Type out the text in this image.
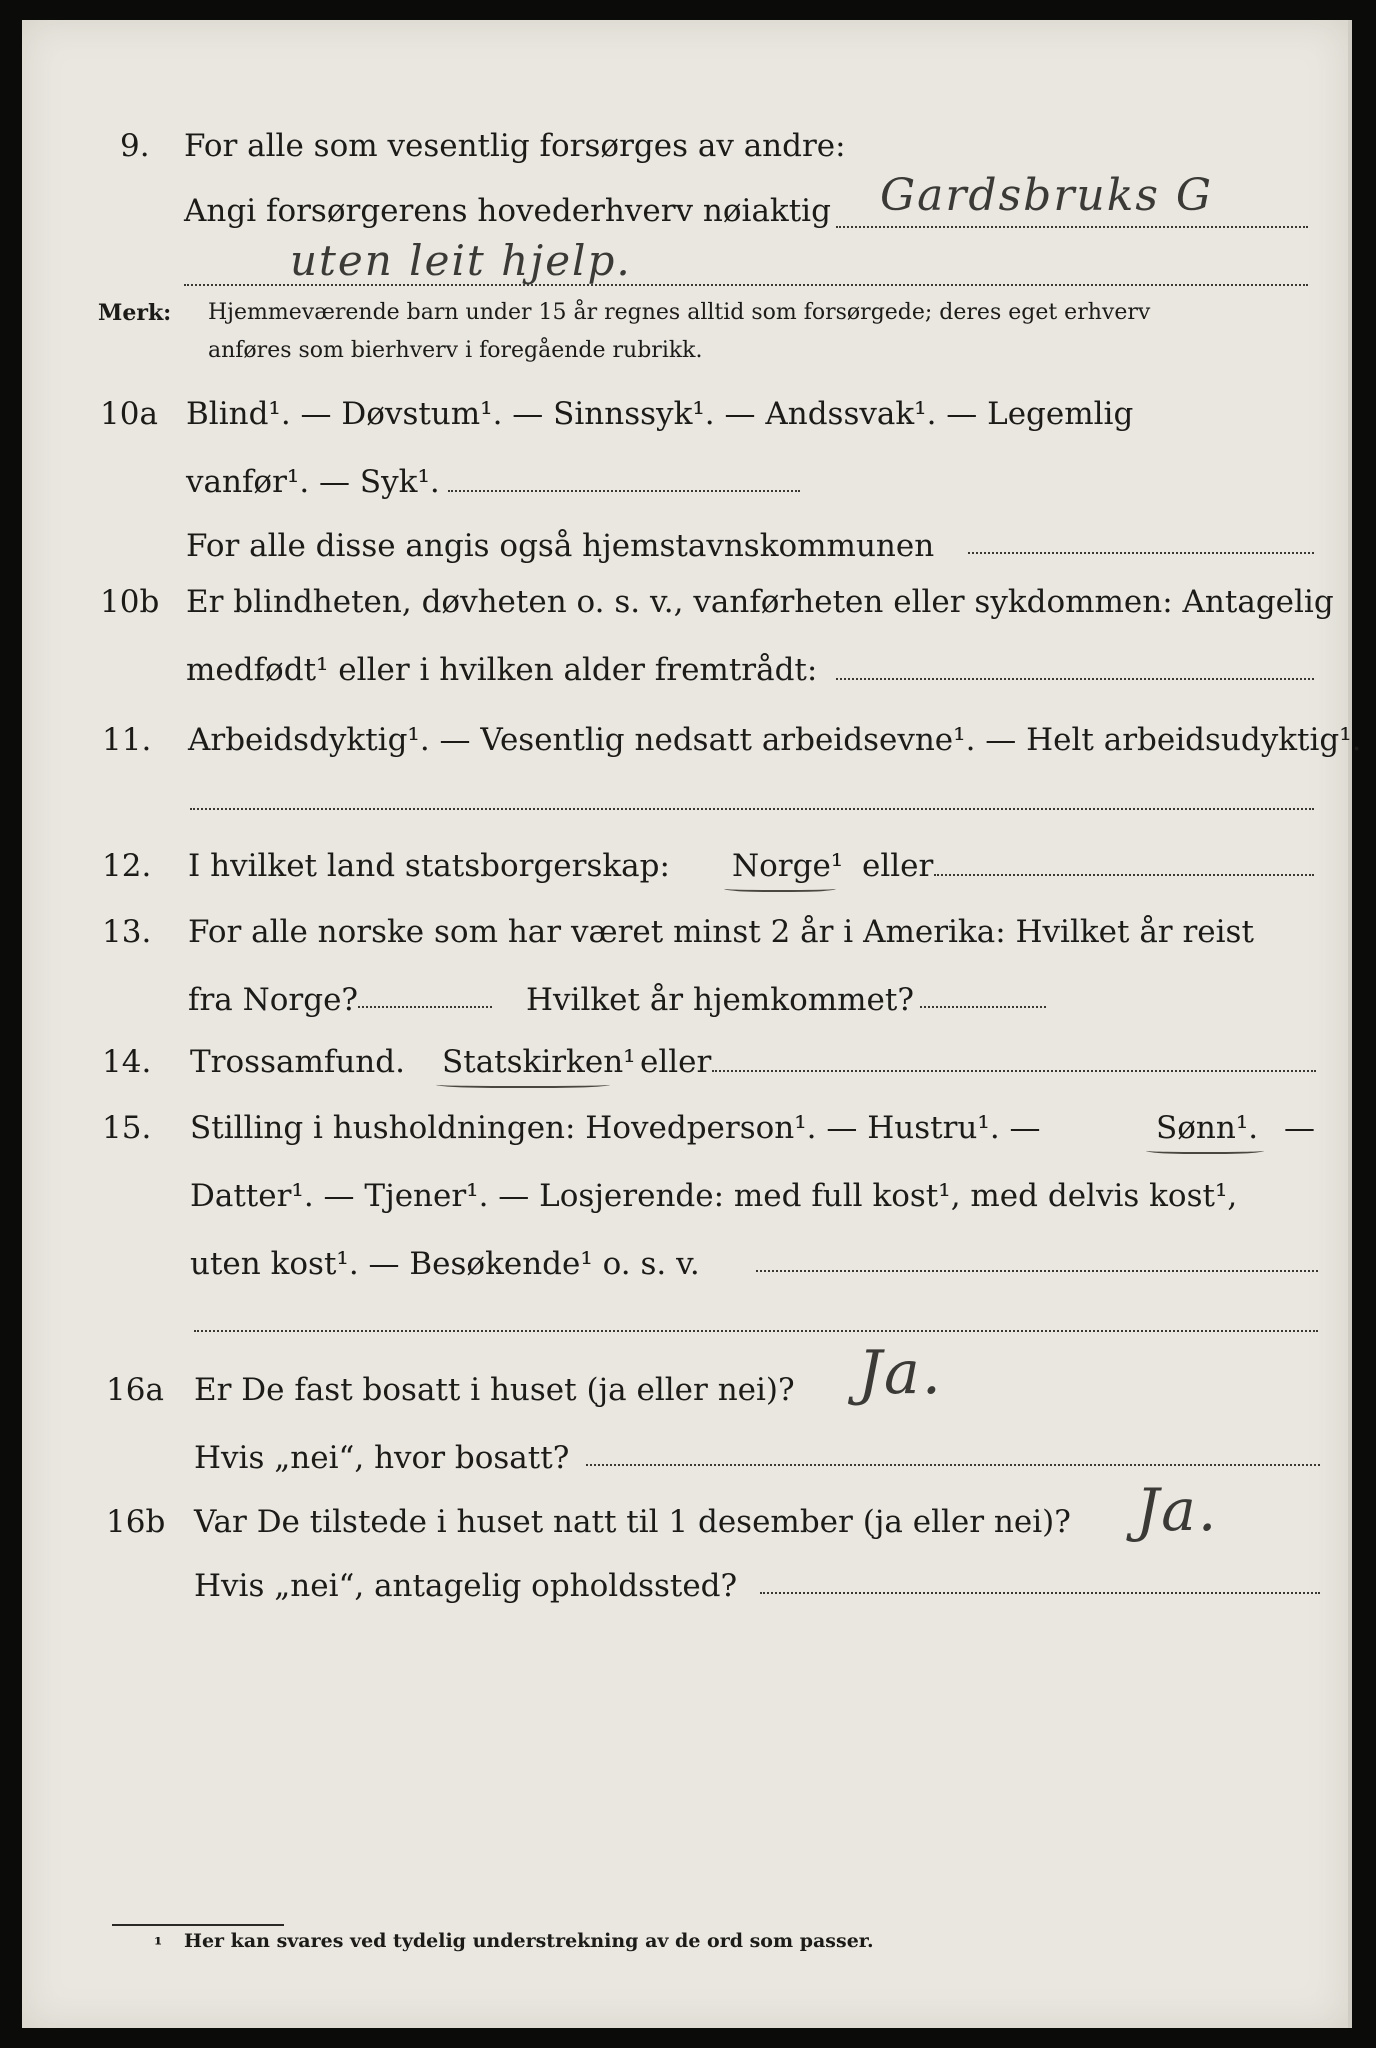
9. For alle som vesentlig forsørges av andre:
Angi forsørgerens hovederhverv nøiaktig Gardsbruks G
uten leit hjelp.
Merk: Hjemmeværende barn under 15 år regnes alltid som forsørgede; deres eget erhverv
anføres som bierhverv i foregående rubrikk.
10a Blind¹. — Døvstum¹. — Sinnssyk¹. — Andssvak¹. — Legemlig
vanfør¹. — Syk¹.
For alle disse angis også hjemstavnskommunen
10b Er blindheten, døvheten o. s. v., vanførheten eller sykdommen: Antagelig
medfødt¹ eller i hvilken alder fremtrådt:
11. Arbeidsdyktig¹. — Vesentlig nedsatt arbeidsevne¹. — Helt arbeidsudyktig¹.
12. I hvilket land statsborgerskap: Norge¹ eller
13. For alle norske som har været minst 2 år i Amerika: Hvilket år reist
fra Norge?	Hvilket år hjemkommet?
14. Trossamfund. Statskirken¹ eller
15. Stilling i husholdningen: Hovedperson¹. — Hustru¹. —	Sønn¹. —
Datter¹. — Tjener¹. — Losjerende: med full kost¹, med delvis kost¹,
uten kost¹. — Besøkende¹ o. s. v.
16a Er De fast bosatt i huset (ja eller nei)? Ja.
Hvis „nei“, hvor bosatt?
16b Var De tilstede i huset natt til 1 desember (ja eller nei)? Ja.
Hvis „nei“, antagelig opholdssted?
¹ Her kan svares ved tydelig understrekning av de ord som passer.
